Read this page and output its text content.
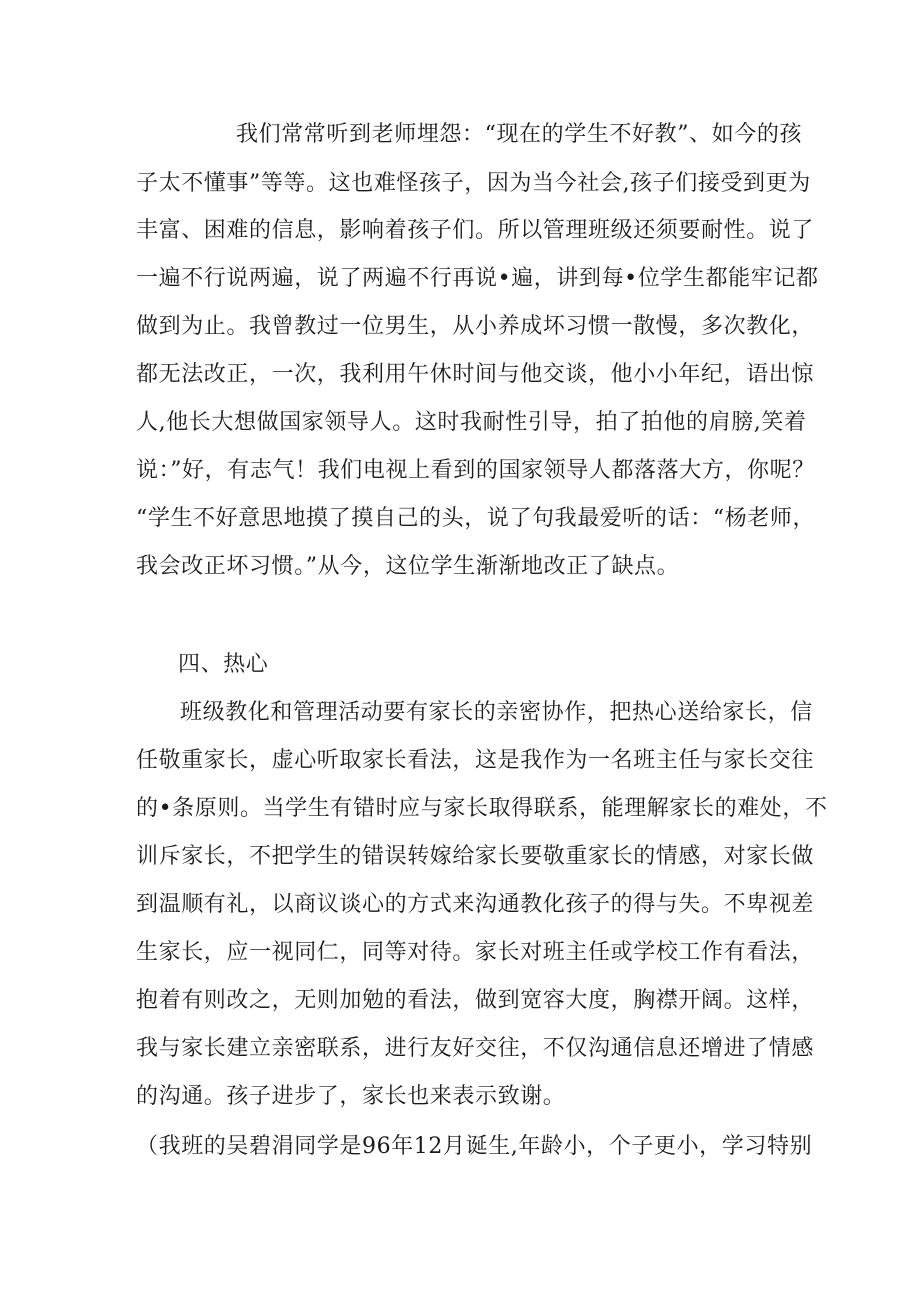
我们常常听到老师埋怨：“现在的学生不好教”、如今的孩
子太不懂事”等等。这也难怪孩子，因为当今社会,孩子们接受到更为
丰富、困难的信息，影响着孩子们。所以管理班级还须要耐性。说了
一遍不行说两遍，说了两遍不行再说•遍，讲到每•位学生都能牢记都
做到为止。我曾教过一位男生，从小养成坏习惯一散慢，多次教化，
都无法改正，一次，我利用午休时间与他交谈，他小小年纪，语出惊
人,他长大想做国家领导人。这时我耐性引导，拍了拍他的肩膀,笑着
说：”好，有志气！我们电视上看到的国家领导人都落落大方，你呢？
“学生不好意思地摸了摸自己的头，说了句我最爱听的话：“杨老师，
我会改正坏习惯。”从今，这位学生渐渐地改正了缺点。
四、热心
班级教化和管理活动要有家长的亲密协作，把热心送给家长，信
任敬重家长，虚心听取家长看法，这是我作为一名班主任与家长交往
的•条原则。当学生有错时应与家长取得联系，能理解家长的难处，不
训斥家长，不把学生的错误转嫁给家长要敬重家长的情感，对家长做
到温顺有礼，以商议谈心的方式来沟通教化孩子的得与失。不卑视差
生家长，应一视同仁，同等对待。家长对班主任或学校工作有看法，
抱着有则改之，无则加勉的看法，做到宽容大度，胸襟开阔。这样，
我与家长建立亲密联系，进行友好交往，不仅沟通信息还增进了情感
的沟通。孩子进步了，家长也来表示致谢。
（我班的吴碧涓同学是96年12月诞生,年龄小，个子更小，学习特别
